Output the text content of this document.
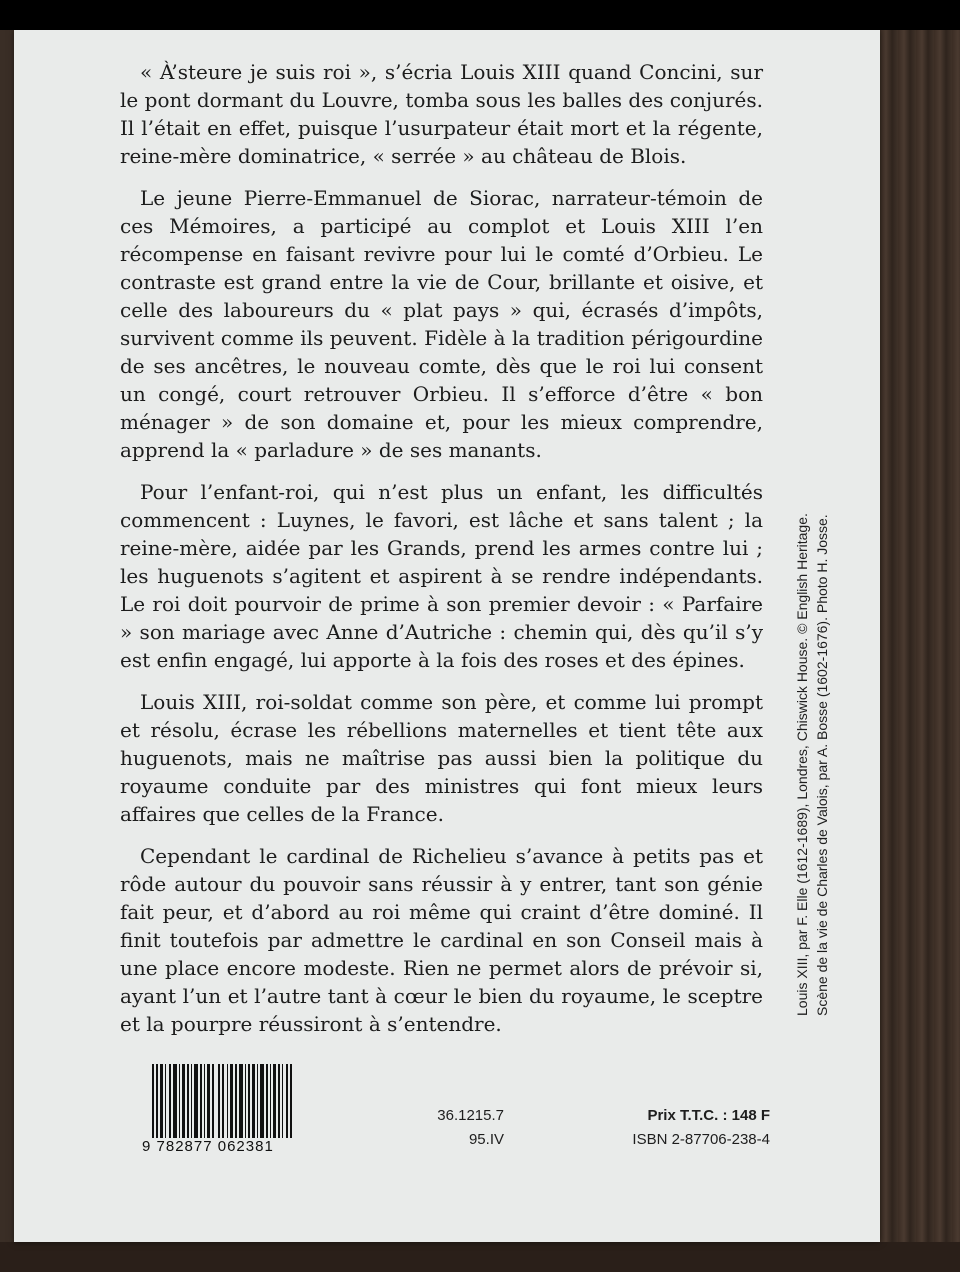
« À’steure je suis roi », s’écria Louis XIII quand Concini, sur le pont dormant du Louvre, tomba sous les balles des conjurés. Il l’était en effet, puisque l’usurpateur était mort et la régente, reine-mère dominatrice, « serrée » au château de Blois.

Le jeune Pierre-Emmanuel de Siorac, narrateur-témoin de ces Mémoires, a participé au complot et Louis XIII l’en récompense en faisant revivre pour lui le comté d’Orbieu. Le contraste est grand entre la vie de Cour, brillante et oisive, et celle des laboureurs du « plat pays » qui, écrasés d’impôts, survivent comme ils peuvent. Fidèle à la tradition périgourdine de ses ancêtres, le nouveau comte, dès que le roi lui consent un congé, court retrouver Orbieu. Il s’efforce d’être « bon ménager » de son domaine et, pour les mieux comprendre, apprend la « parladure » de ses manants.

Pour l’enfant-roi, qui n’est plus un enfant, les difficultés commencent : Luynes, le favori, est lâche et sans talent ; la reine-mère, aidée par les Grands, prend les armes contre lui ; les huguenots s’agitent et aspirent à se rendre indépendants. Le roi doit pourvoir de prime à son premier devoir : « Parfaire » son mariage avec Anne d’Autriche : chemin qui, dès qu’il s’y est enfin engagé, lui apporte à la fois des roses et des épines.

Louis XIII, roi-soldat comme son père, et comme lui prompt et résolu, écrase les rébellions maternelles et tient tête aux huguenots, mais ne maîtrise pas aussi bien la politique du royaume conduite par des ministres qui font mieux leurs affaires que celles de la France.

Cependant le cardinal de Richelieu s’avance à petits pas et rôde autour du pouvoir sans réussir à y entrer, tant son génie fait peur, et d’abord au roi même qui craint d’être dominé. Il finit toutefois par admettre le cardinal en son Conseil mais à une place encore modeste. Rien ne permet alors de prévoir si, ayant l’un et l’autre tant à cœur le bien du royaume, le sceptre et la pourpre réussiront à s’entendre.

Louis XIII, par F. Elle (1612-1689), Londres, Chiswick House. © English Heritage. Scène de la vie de Charles de Valois, par A. Bosse (1602-1676). Photo H. Josse.
9 782877 062381
36.1215.7
95.IV
Prix T.T.C. : 148 F
ISBN 2-87706-238-4
